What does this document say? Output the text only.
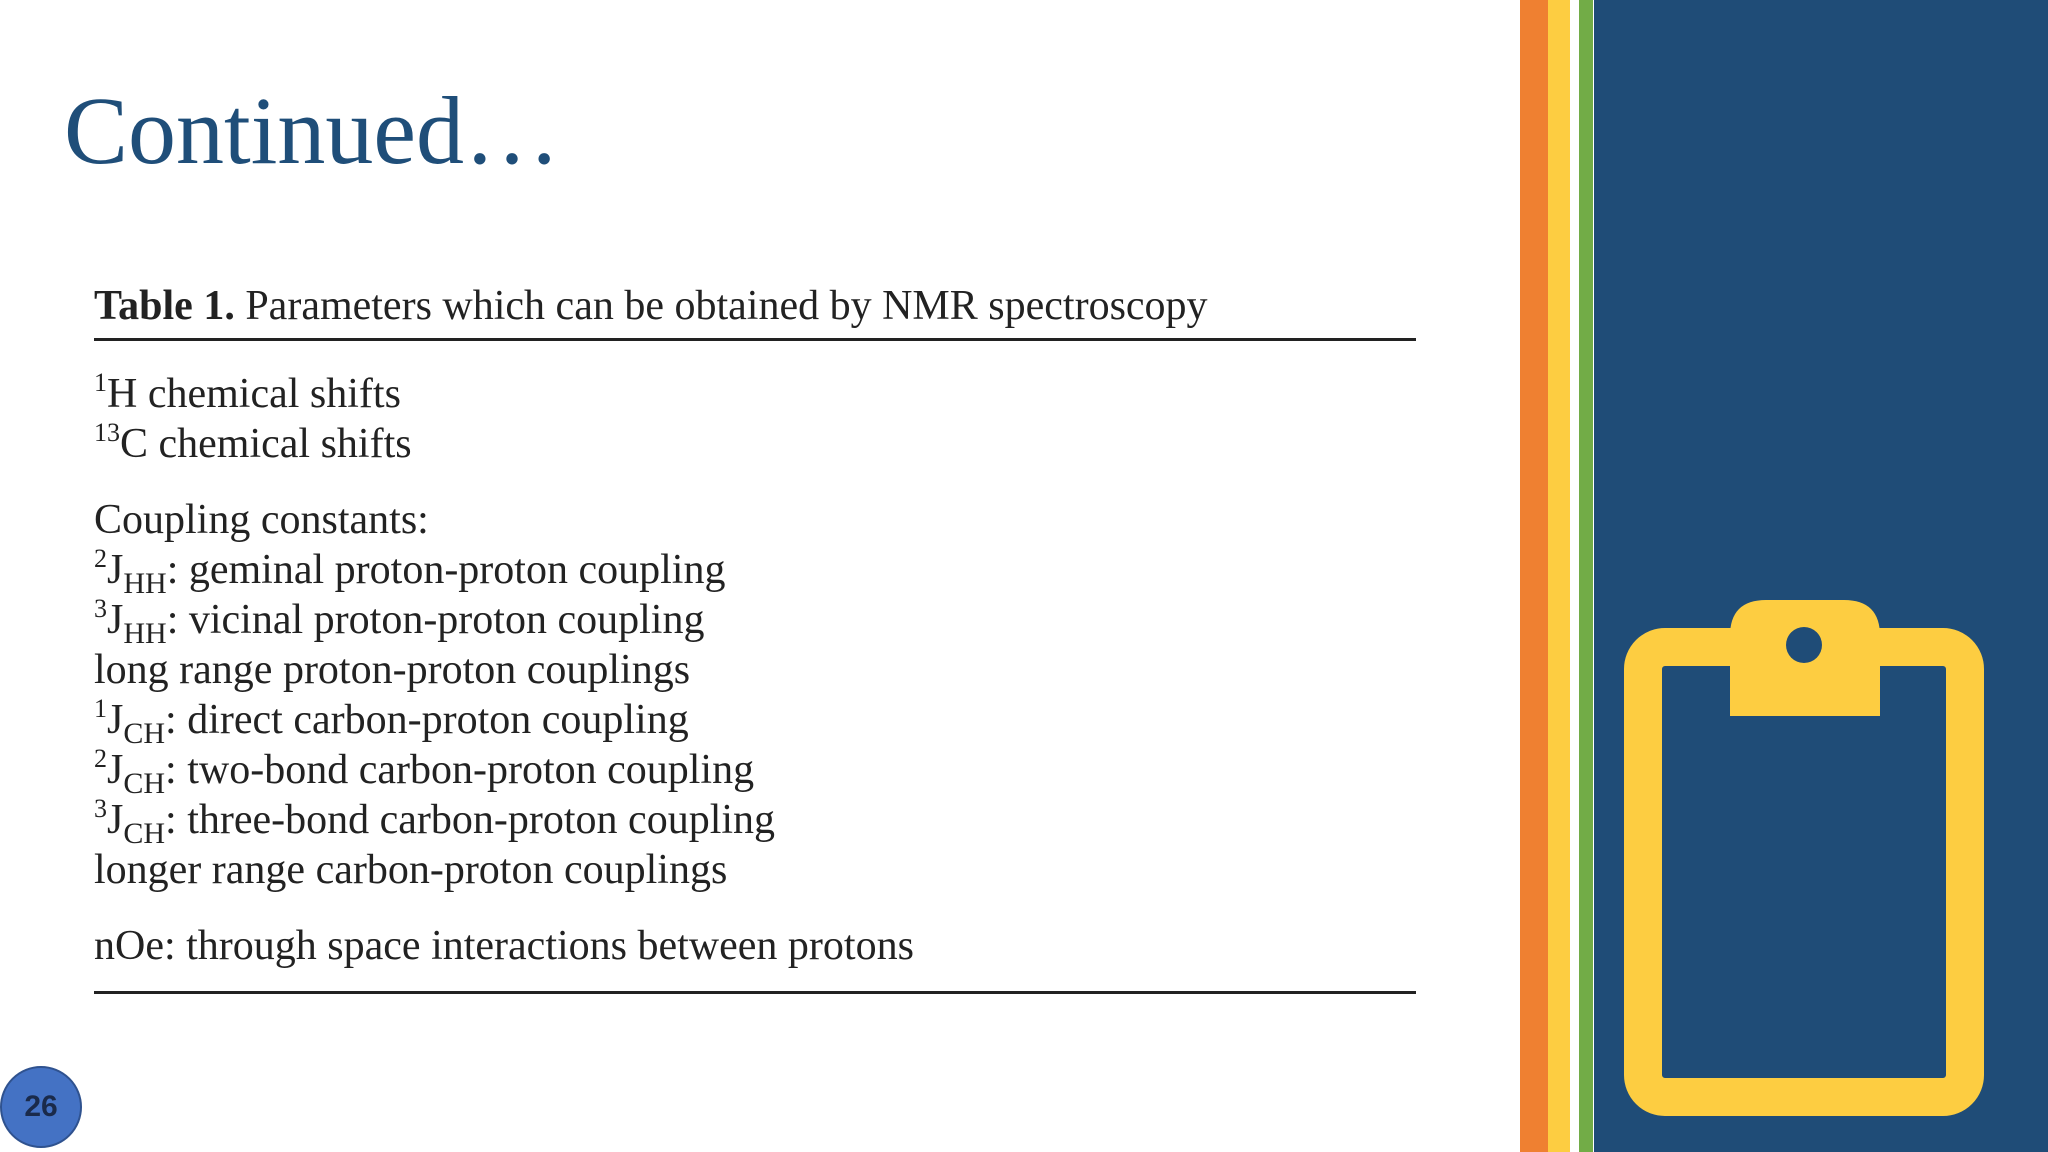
Continued…
Table 1. Parameters which can be obtained by NMR spectroscopy
$^1$H chemical shifts
$^{13}$C chemical shifts
Coupling constants:
$^2J_{HH}$: geminal proton-proton coupling
$^3J_{HH}$: vicinal proton-proton coupling
long range proton-proton couplings
$^1J_{CH}$: direct carbon-proton coupling
$^2J_{CH}$: two-bond carbon-proton coupling
$^3J_{CH}$: three-bond carbon-proton coupling
longer range carbon-proton couplings
nOe: through space interactions between protons
26
